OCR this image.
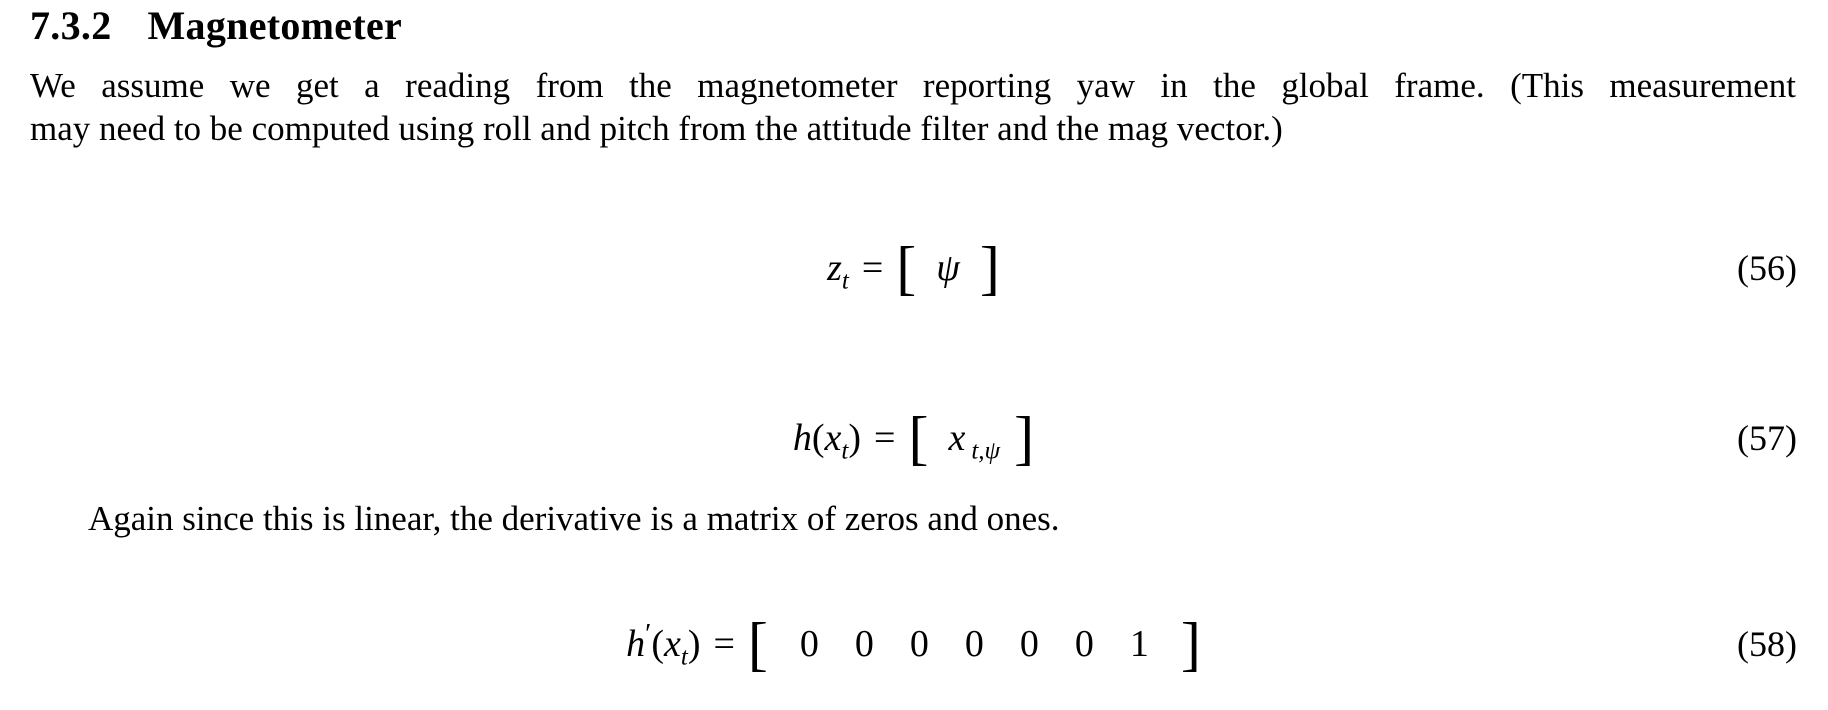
7.3.2 Magnetometer

We assume we get a reading from the magnetometer reporting yaw in the global frame. (This measurement
may need to be computed using roll and pitch from the attitude filter and the mag vector.)

$z_t$ = [ ψ ]	(56)
$h(x_t)$ = [ x $_{t,\psi}$ ]	(57)

Again since this is linear, the derivative is a matrix of zeros and ones.

$h'(x_t)$ = [ 0 0 0 0 0 0 1 ]	(58)
